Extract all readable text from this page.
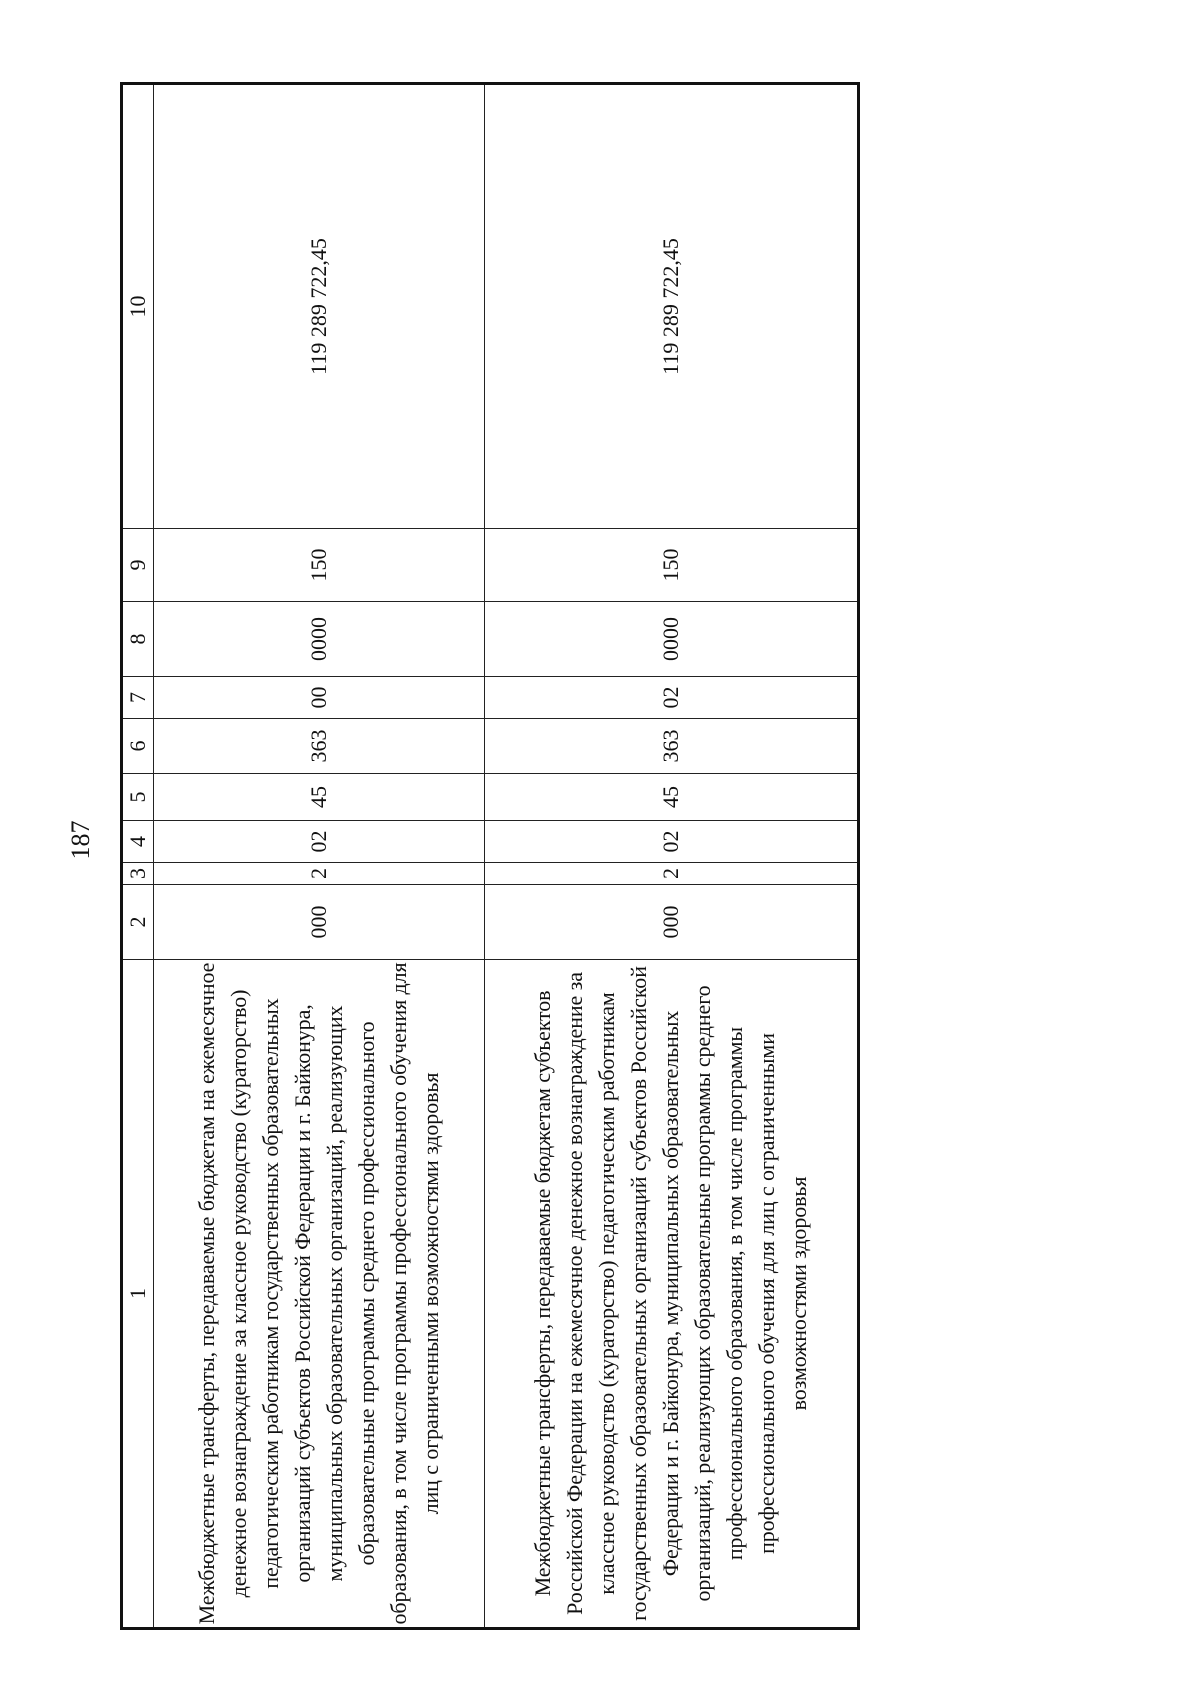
187
1	2	3	4	5	6	7	8	9	10
Межбюджетные трансферты, передаваемые бюджетам на ежемесячное денежное вознаграждение за классное руководство (кураторство) педагогическим работникам государственных образовательных организаций субъектов Российской Федерации и г. Байконура, муниципальных образовательных организаций, реализующих образовательные программы среднего профессионального образования, в том числе программы профессионального обучения для лиц с ограниченными возможностями здоровья	000	2	02	45	363	00	0000	150	119 289 722,45
Межбюджетные трансферты, передаваемые бюджетам субъектов Российской Федерации на ежемесячное денежное вознаграждение за классное руководство (кураторство) педагогическим работникам государственных образовательных организаций субъектов Российской Федерации и г. Байконура, муниципальных образовательных организаций, реализующих образовательные программы среднего профессионального образования, в том числе программы профессионального обучения для лиц с ограниченными возможностями здоровья	000	2	02	45	363	02	0000	150	119 289 722,45
